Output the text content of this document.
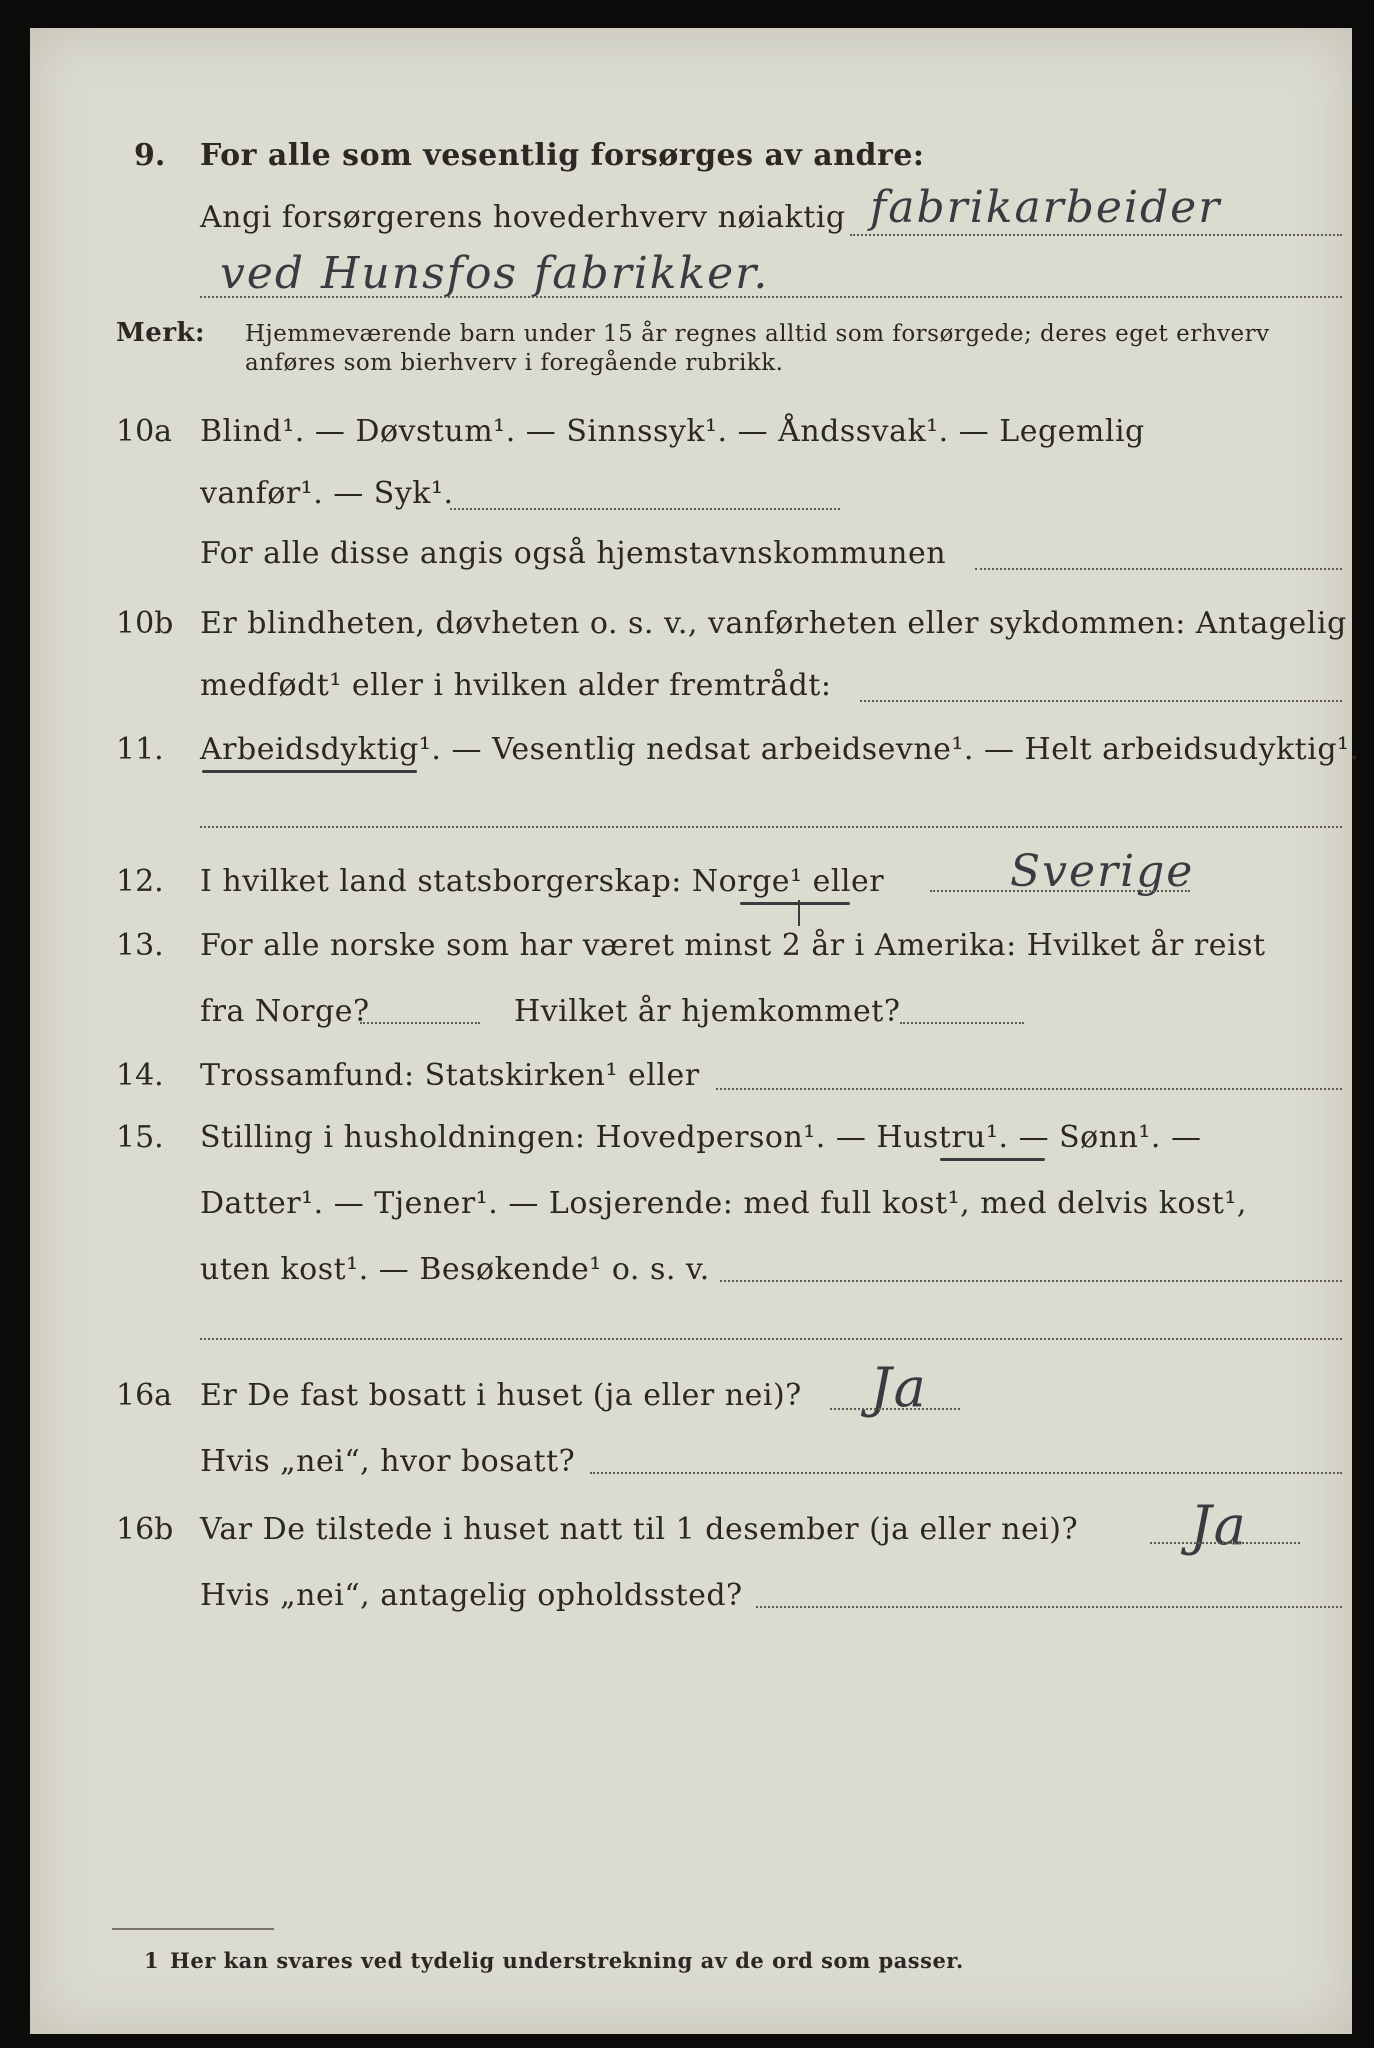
9. For alle som vesentlig forsørges av andre:
Angi forsørgerens hovederhverv nøiaktig fabrikarbeider
ved Hunsfos fabrikker.
Merk: Hjemmeværende barn under 15 år regnes alltid som forsørgede; deres eget erhverv
anføres som bierhverv i foregående rubrikk.
10a Blind¹. — Døvstum¹. — Sinnssyk¹. — Åndssvak¹. — Legemlig
vanfør¹. — Syk¹.
For alle disse angis også hjemstavnskommunen
10b Er blindheten, døvheten o. s. v., vanførheten eller sykdommen: Antagelig
medfødt¹ eller i hvilken alder fremtrådt:
11. Arbeidsdyktig¹. — Vesentlig nedsat arbeidsevne¹. — Helt arbeidsudyktig¹.
12. I hvilket land statsborgerskap: Norge¹ eller	Sverige
13. For alle norske som har været minst 2 år i Amerika: Hvilket år reist
fra Norge?	Hvilket år hjemkommet?
14. Trossamfund: Statskirken¹ eller
15. Stilling i husholdningen: Hovedperson¹. — Hustru¹. — Sønn¹. —
Datter¹. — Tjener¹. — Losjerende: med full kost¹, med delvis kost¹,
uten kost¹. — Besøkende¹ o. s. v.
16a Er De fast bosatt i huset (ja eller nei)? Ja
Hvis „nei“, hvor bosatt?
16b Var De tilstede i huset natt til 1 desember (ja eller nei)? Ja
Hvis „nei“, antagelig opholdssted?
1 Her kan svares ved tydelig understrekning av de ord som passer.
